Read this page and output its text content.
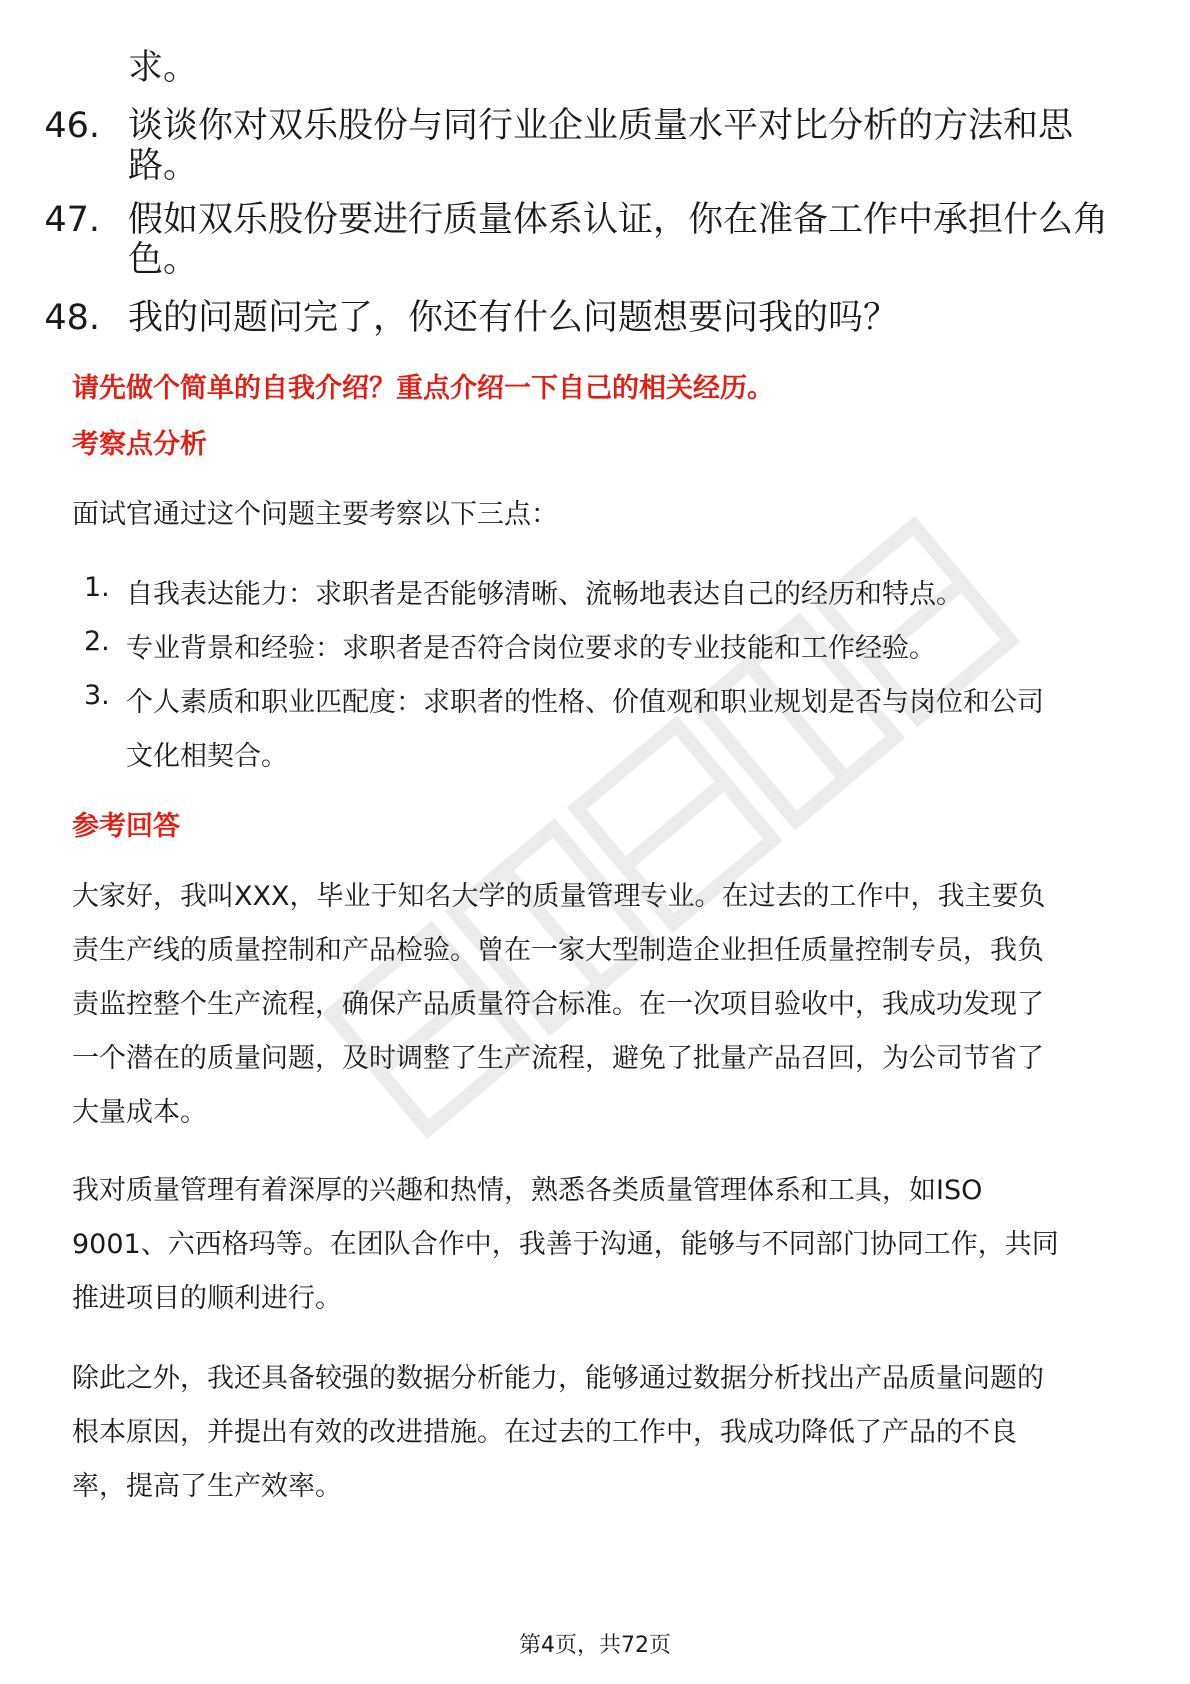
求。
46. 谈谈你对双乐股份与同行业企业质量水平对比分析的方法和思
路。
47. 假如双乐股份要进行质量体系认证，你在准备工作中承担什么角
色。
48. 我的问题问完了，你还有什么问题想要问我的吗？
请先做个简单的自我介绍？重点介绍一下自己的相关经历。
考察点分析
面试官通过这个问题主要考察以下三点：
1. 自我表达能力：求职者是否能够清晰、流畅地表达自己的经历和特点。
2. 专业背景和经验：求职者是否符合岗位要求的专业技能和工作经验。
3. 个人素质和职业匹配度：求职者的性格、价值观和职业规划是否与岗位和公司
文化相契合。
参考回答
大家好，我叫XXX，毕业于知名大学的质量管理专业。在过去的工作中，我主要负
责生产线的质量控制和产品检验。曾在一家大型制造企业担任质量控制专员，我负
责监控整个生产流程，确保产品质量符合标准。在一次项目验收中，我成功发现了
一个潜在的质量问题，及时调整了生产流程，避免了批量产品召回，为公司节省了
大量成本。
我对质量管理有着深厚的兴趣和热情，熟悉各类质量管理体系和工具，如ISO
9001、六西格玛等。在团队合作中，我善于沟通，能够与不同部门协同工作，共同
推进项目的顺利进行。
除此之外，我还具备较强的数据分析能力，能够通过数据分析找出产品质量问题的
根本原因，并提出有效的改进措施。在过去的工作中，我成功降低了产品的不良
率，提高了生产效率。
第4页，共72页
